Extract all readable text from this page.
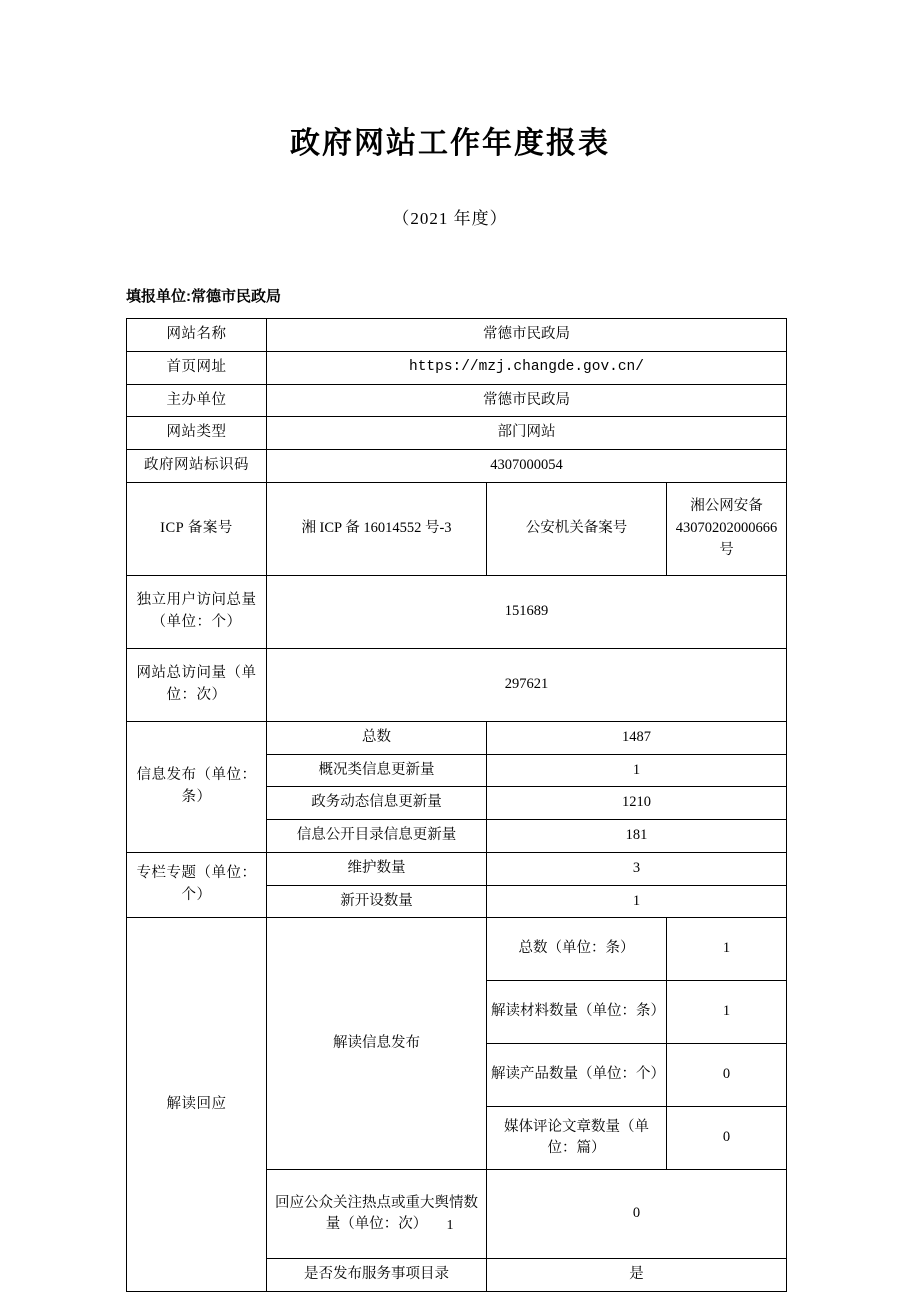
政府网站工作年度报表
（2021 年度）
填报单位:常德市民政局
网站名称	常德市民政局		
首页网址	https://mzj.changde.gov.cn/		
主办单位	常德市民政局		
网站类型	部门网站		
政府网站标识码	4307000054		
ICP 备案号	湘 ICP 备 16014552 号-3	公安机关备案号	湘公网安备 43070202000666 号
独立用户访问总量（单位：个）	151689		
网站总访问量（单位：次）	297621		
信息发布（单位：条）	总数	1487	
	概况类信息更新量	1	
	政务动态信息更新量	1210	
	信息公开目录信息更新量	181	
专栏专题（单位：个）	维护数量	3	
	新开设数量	1	
解读回应	解读信息发布	总数（单位：条）	1
		解读材料数量（单位：条）	1
		解读产品数量（单位：个）	0
		媒体评论文章数量（单位：篇）	0
	回应公众关注热点或重大舆情数量（单位：次）	0	
	是否发布服务事项目录	是	
1
